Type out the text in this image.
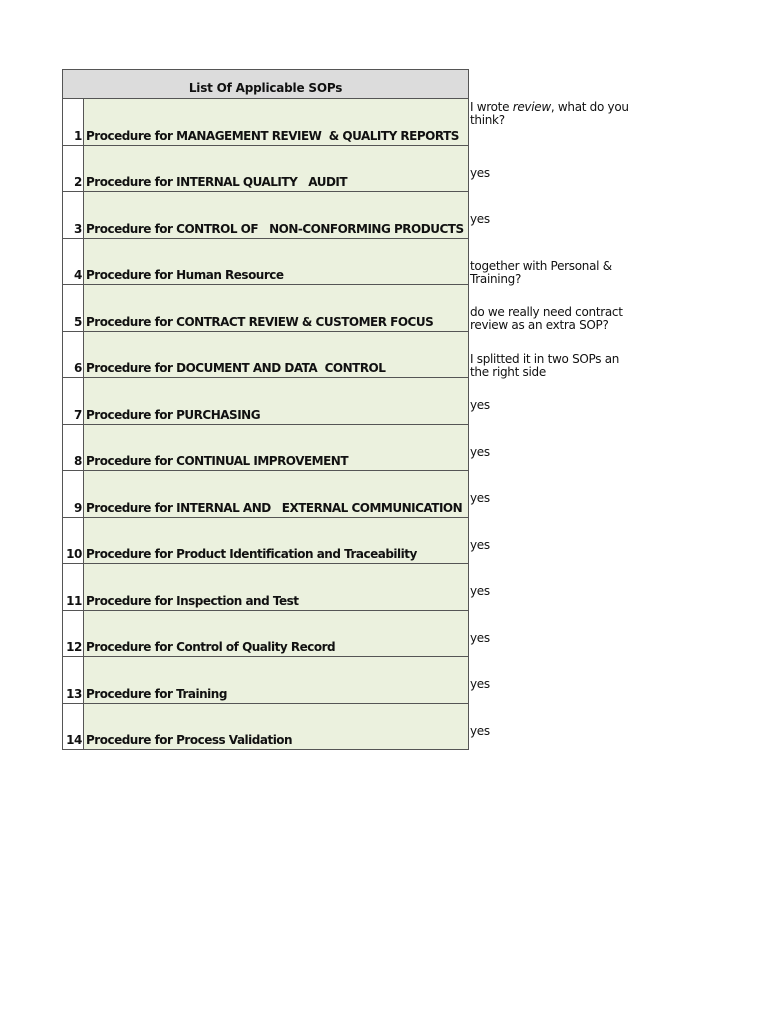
List Of Applicable SOPs
1 Procedure for MANAGEMENT REVIEW  & QUALITY REPORTS
2 Procedure for INTERNAL QUALITY   AUDIT
3 Procedure for CONTROL OF   NON-CONFORMING PRODUCTS
4 Procedure for Human Resource
5 Procedure for CONTRACT REVIEW & CUSTOMER FOCUS
6 Procedure for DOCUMENT AND DATA  CONTROL
7 Procedure for PURCHASING
8 Procedure for CONTINUAL IMPROVEMENT
9 Procedure for INTERNAL AND   EXTERNAL COMMUNICATION
10 Procedure for Product Identification and Traceability
11 Procedure for Inspection and Test
12 Procedure for Control of Quality Record
13 Procedure for Training
14 Procedure for Process Validation
I wrote review, what do you think?
yes
yes
together with Personal & Training?
do we really need contract review as an extra SOP?
I splitted it in two SOPs an the right side
yes
yes
yes
yes
yes
yes
yes
yes
